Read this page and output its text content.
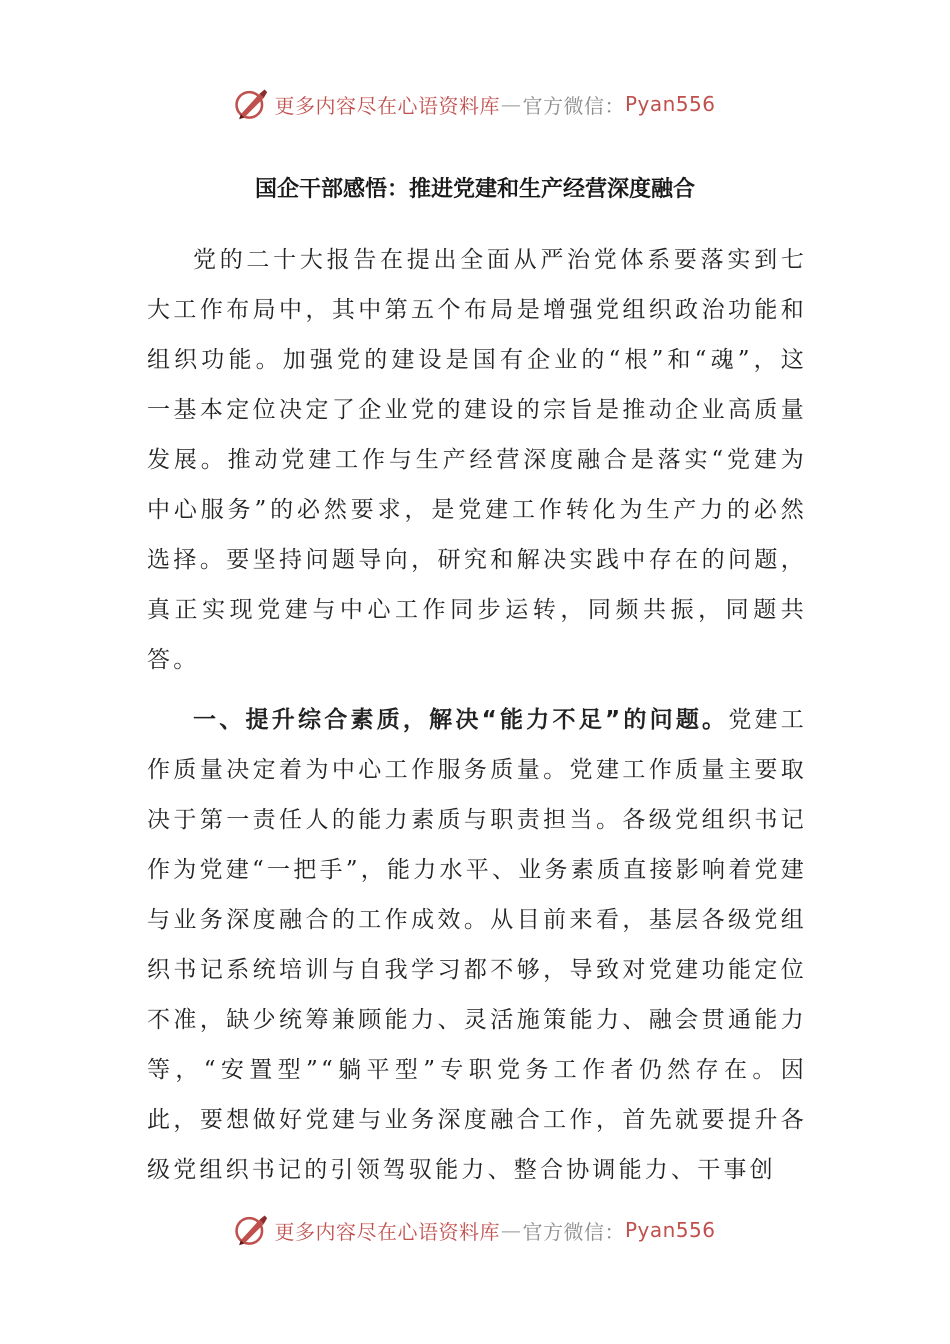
更多内容尽在心语资料库 — 官方微信： Pyan556
国企干部感悟：推进党建和生产经营深度融合

党的二十大报告在提出全面从严治党体系要落实到七大工作布局中，其中第五个布局是增强党组织政治功能和组织功能。加强党的建设是国有企业的“根”和“魂”，这一基本定位决定了企业党的建设的宗旨是推动企业高质量发展。推动党建工作与生产经营深度融合是落实“党建为中心服务”的必然要求，是党建工作转化为生产力的必然选择。要坚持问题导向，研究和解决实践中存在的问题，真正实现党建与中心工作同步运转，同频共振，同题共答。

一、提升综合素质，解决“能力不足”的问题。党建工作质量决定着为中心工作服务质量。党建工作质量主要取决于第一责任人的能力素质与职责担当。各级党组织书记作为党建“一把手”，能力水平、业务素质直接影响着党建与业务深度融合的工作成效。从目前来看，基层各级党组织书记系统培训与自我学习都不够，导致对党建功能定位不准，缺少统筹兼顾能力、灵活施策能力、融会贯通能力等，“安置型”“躺平型”专职党务工作者仍然存在。因此，要想做好党建与业务深度融合工作，首先就要提升各级党组织书记的引领驾驭能力、整合协调能力、干事创

更多内容尽在心语资料库 — 官方微信： Pyan556
